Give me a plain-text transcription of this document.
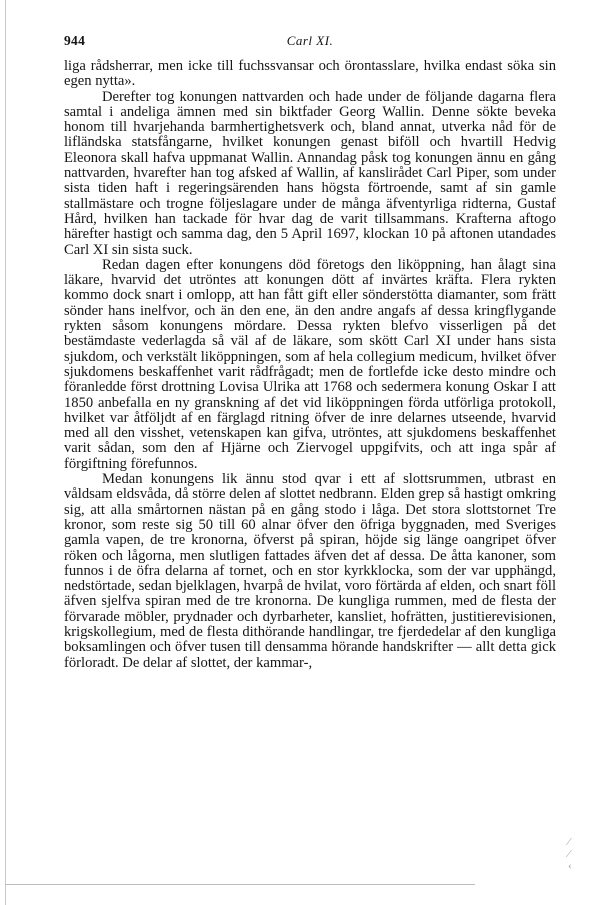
⁄
⁄
‹
944	Carl XI.

liga rådsherrar, men icke till fuchssvansar och örontasslare, hvilka endast söka sin egen nytta».

Derefter tog konungen nattvarden och hade under de följande dagarna flera samtal i andeliga ämnen med sin biktfader Georg Wallin. Denne sökte beveka honom till hvarjehanda barmhertighetsverk och, bland annat, utverka nåd för de lifländska statsfångarne, hvilket konungen genast biföll och hvartill Hedvig Eleonora skall hafva uppmanat Wallin. Annandag påsk tog konungen ännu en gång nattvarden, hvarefter han tog afsked af Wallin, af kanslirådet Carl Piper, som under sista tiden haft i regeringsärenden hans högsta förtroende, samt af sin gamle stallmästare och trogne följeslagare under de många äfventyrliga ridterna, Gustaf Hård, hvilken han tackade för hvar dag de varit tillsammans. Krafterna aftogo härefter hastigt och samma dag, den 5 April 1697, klockan 10 på aftonen utandades Carl XI sin sista suck.

Redan dagen efter konungens död företogs den liköppning, han ålagt sina läkare, hvarvid det utröntes att konungen dött af invärtes kräfta. Flera rykten kommo dock snart i omlopp, att han fått gift eller sönderstötta diamanter, som frätt sönder hans inelfvor, och än den ene, än den andre angafs af dessa kringflygande rykten såsom konungens mördare. Dessa rykten blefvo visserligen på det bestämdaste vederlagda så väl af de läkare, som skött Carl XI under hans sista sjukdom, och verkstält liköppningen, som af hela collegium medicum, hvilket öfver sjukdomens beskaffenhet varit rådfrågadt; men de fortlefde icke desto mindre och föranledde först drottning Lovisa Ulrika att 1768 och sedermera konung Oskar I att 1850 anbefalla en ny granskning af det vid liköppningen förda utförliga protokoll, hvilket var åtföljdt af en färglagd ritning öfver de inre delarnes utseende, hvarvid med all den visshet, vetenskapen kan gifva, utröntes, att sjukdomens beskaffenhet varit sådan, som den af Hjärne och Ziervogel uppgifvits, och att inga spår af förgiftning förefunnos.

Medan konungens lik ännu stod qvar i ett af slottsrummen, utbrast en våldsam eldsvåda, då större delen af slottet nedbrann. Elden grep så hastigt omkring sig, att alla smårtornen nästan på en gång stodo i låga. Det stora slottstornet Tre kronor, som reste sig 50 till 60 alnar öfver den öfriga byggnaden, med Sveriges gamla vapen, de tre kronorna, öfverst på spiran, höjde sig länge oangripet öfver röken och lågorna, men slutligen fattades äfven det af dessa. De åtta kanoner, som funnos i de öfra delarna af tornet, och en stor kyrkklocka, som der var upphängd, nedstörtade, sedan bjelklagen, hvarpå de hvilat, voro förtärda af elden, och snart föll äfven sjelfva spiran med de tre kronorna. De kungliga rummen, med de flesta der förvarade möbler, prydnader och dyrbarheter, kansliet, hofrätten, justitierevisionen, krigskollegium, med de flesta dithörande handlingar, tre fjerdedelar af den kungliga boksamlingen och öfver tusen till densamma hörande handskrifter — allt detta gick förloradt. De delar af slottet, der kammar-,
